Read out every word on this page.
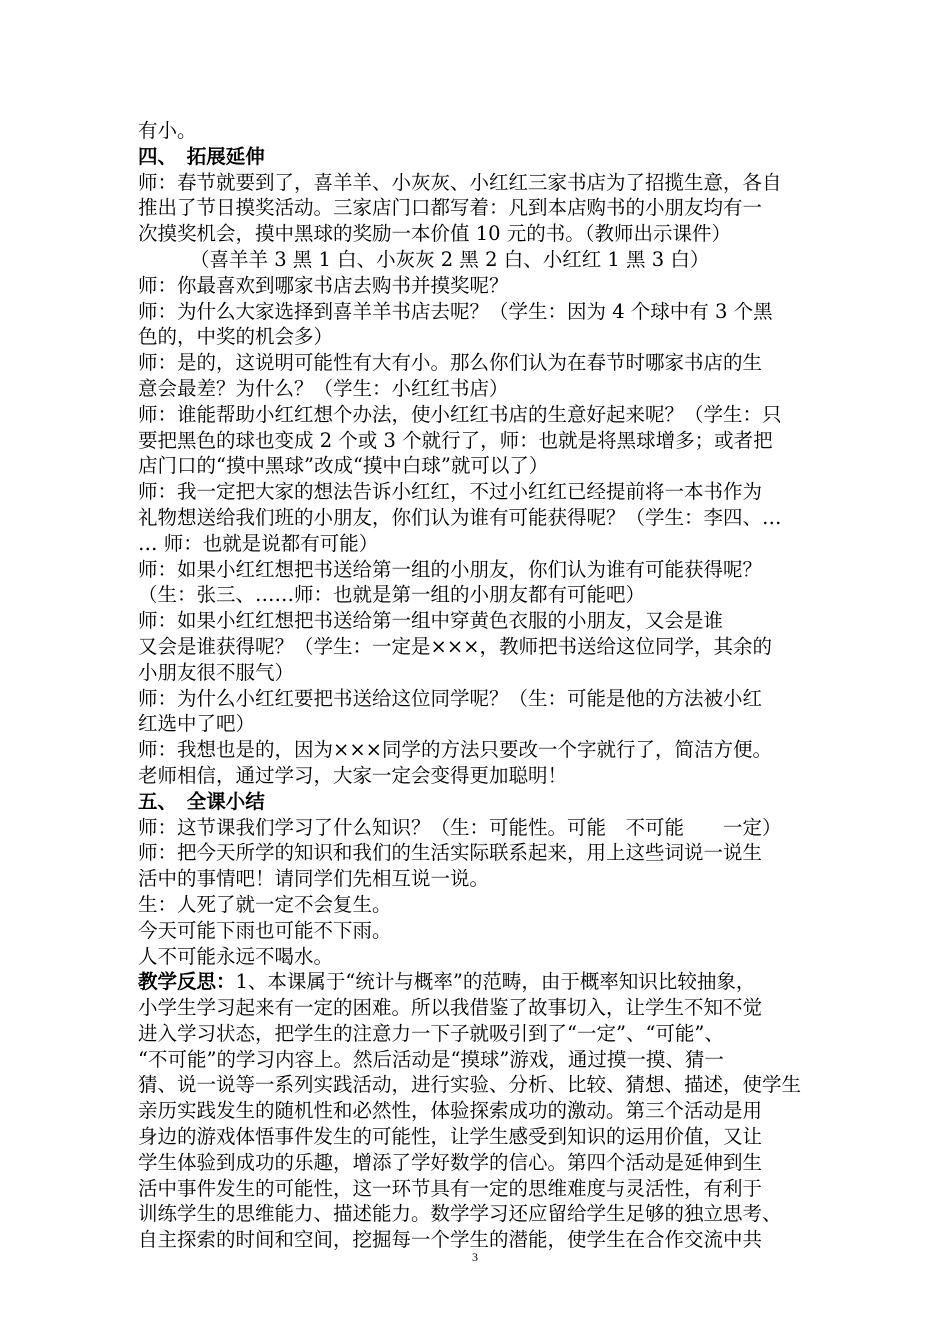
有小。
四、　拓展延伸
师：春节就要到了，喜羊羊、小灰灰、小红红三家书店为了招揽生意，各自
推出了节日摸奖活动。三家店门口都写着：凡到本店购书的小朋友均有一
次摸奖机会，摸中黑球的奖励一本价值 10 元的书。（教师出示课件）
（喜羊羊 3 黑 1 白、小灰灰 2 黑 2 白、小红红 1 黑 3 白）
师：你最喜欢到哪家书店去购书并摸奖呢？
师：为什么大家选择到喜羊羊书店去呢？（学生：因为 4 个球中有 3 个黑
色的，中奖的机会多）
师：是的，这说明可能性有大有小。那么你们认为在春节时哪家书店的生
意会最差？为什么？（学生：小红红书店）
师：谁能帮助小红红想个办法，使小红红书店的生意好起来呢？（学生：只
要把黑色的球也变成 2 个或 3 个就行了，师：也就是将黑球增多；或者把
店门口的“摸中黑球”改成“摸中白球”就可以了）
师：我一定把大家的想法告诉小红红，不过小红红已经提前将一本书作为
礼物想送给我们班的小朋友，你们认为谁有可能获得呢？（学生：李四、…
… 师：也就是说都有可能）
师：如果小红红想把书送给第一组的小朋友，你们认为谁有可能获得呢？
（生：张三、……师：也就是第一组的小朋友都有可能吧）
师：如果小红红想把书送给第一组中穿黄色衣服的小朋友，又会是谁
又会是谁获得呢？（学生：一定是×××，教师把书送给这位同学，其余的
小朋友很不服气）
师：为什么小红红要把书送给这位同学呢？（生：可能是他的方法被小红
红选中了吧）
师：我想也是的，因为×××同学的方法只要改一个字就行了，简洁方便。
老师相信，通过学习，大家一定会变得更加聪明！
五、　全课小结
师：这节课我们学习了什么知识？（生：可能性。可能　不可能　　一定）
师：把今天所学的知识和我们的生活实际联系起来，用上这些词说一说生
活中的事情吧！请同学们先相互说一说。
生：人死了就一定不会复生。
今天可能下雨也可能不下雨。
人不可能永远不喝水。
教学反思：1、本课属于“统计与概率”的范畴，由于概率知识比较抽象，
小学生学习起来有一定的困难。所以我借鉴了故事切入，让学生不知不觉
进入学习状态，把学生的注意力一下子就吸引到了“一定”、“可能”、
“不可能”的学习内容上。然后活动是“摸球”游戏，通过摸一摸、猜一
猜、说一说等一系列实践活动，进行实验、分析、比较、猜想、描述，使学生
亲历实践发生的随机性和必然性，体验探索成功的激动。第三个活动是用
身边的游戏体悟事件发生的可能性，让学生感受到知识的运用价值，又让
学生体验到成功的乐趣，增添了学好数学的信心。第四个活动是延伸到生
活中事件发生的可能性，这一环节具有一定的思维难度与灵活性，有利于
训练学生的思维能力、描述能力。数学学习还应留给学生足够的独立思考、
自主探索的时间和空间，挖掘每一个学生的潜能，使学生在合作交流中共
3
